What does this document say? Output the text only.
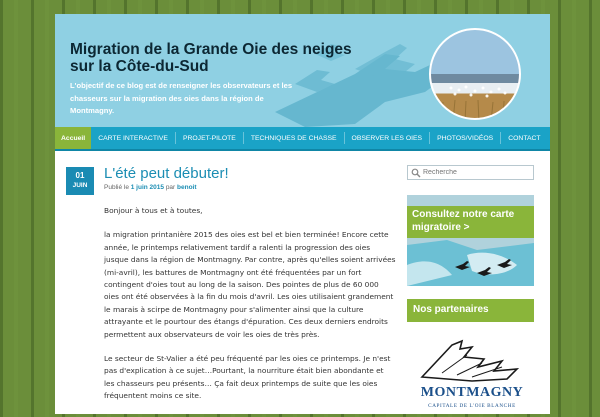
Migration de la Grande Oie des neiges sur la Côte-du-Sud

L'objectif de ce blog est de renseigner les observateurs et les chasseurs sur la migration des oies dans la région de Montmagny.

Accueil	CARTE INTERACTIVE	PROJET-PILOTE	TECHNIQUES DE CHASSE	OBSERVER LES OIES	PHOTOS/VIDÉOS	CONTACT
01
JUIN
L'été peut débuter!
Publié le 1 juin 2015 par benoit

Bonjour à tous et à toutes,

la migration printanière 2015 des oies est bel et bien terminée! Encore cette année, le printemps relativement tardif a ralenti la progression des oies jusque dans la région de Montmagny. Par contre, après qu'elles soient arrivées (mi-avril), les battures de Montmagny ont été fréquentées par un fort contingent d'oies tout au long de la saison. Des pointes de plus de 60 000 oies ont été observées à la fin du mois d'avril. Les oies utilisaient grandement le marais à scirpe de Montmagny pour s'alimenter ainsi que la culture attrayante et le pourtour des étangs d'épuration. Ces deux derniers endroits permettent aux observateurs de voir les oies de très près.

Le secteur de St-Valier a été peu fréquenté par les oies ce printemps. Je n'est pas d'explication à ce sujet…Pourtant, la nourriture était bien abondante et les chasseurs peu présents… Ça fait deux printemps de suite que les oies fréquentent moins ce site.

Recherche
Consultez notre carte migratoire >
Nos partenaires
MONTMAGNY
CAPITALE DE L'OIE BLANCHE
